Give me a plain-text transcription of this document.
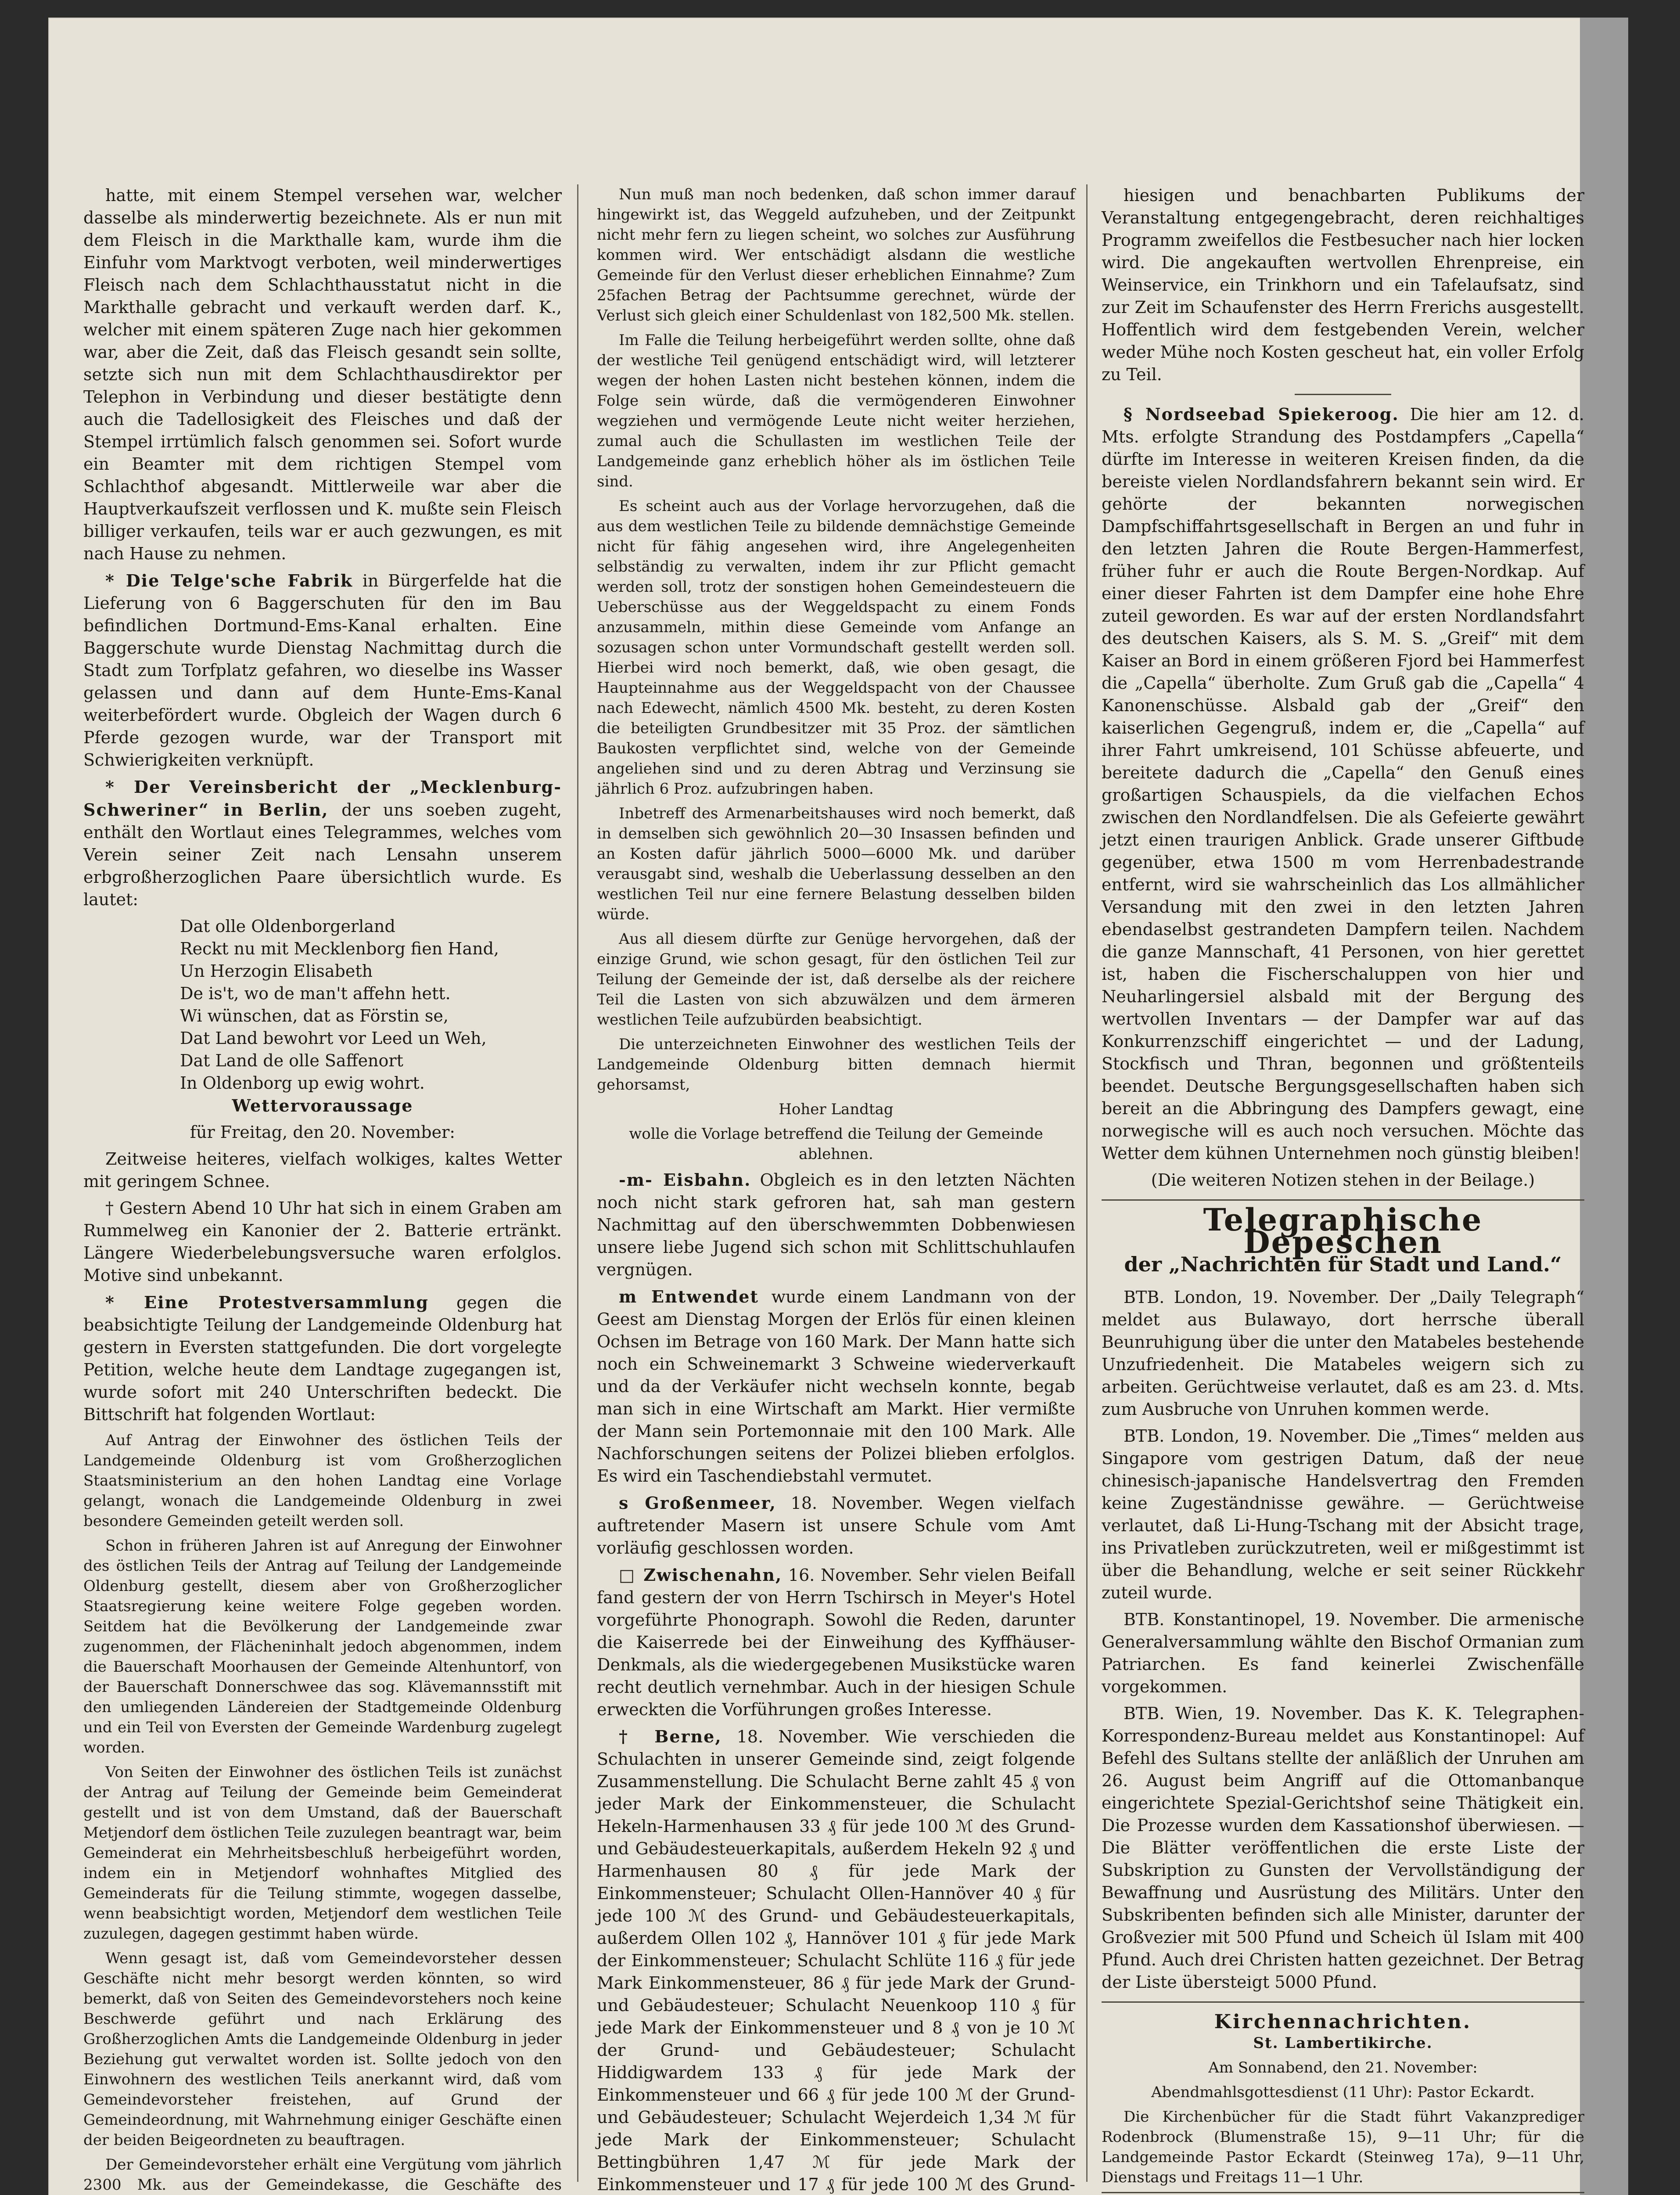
hatte, mit einem Stempel versehen war, welcher dasselbe als minderwertig bezeichnete. Als er nun mit dem Fleisch in die Markthalle kam, wurde ihm die Einfuhr vom Marktvogt verboten, weil minderwertiges Fleisch nach dem Schlachthausstatut nicht in die Markthalle gebracht und verkauft werden darf. K., welcher mit einem späteren Zuge nach hier gekommen war, aber die Zeit, daß das Fleisch gesandt sein sollte, setzte sich nun mit dem Schlachthausdirektor per Telephon in Verbindung und dieser bestätigte denn auch die Tadellosigkeit des Fleisches und daß der Stempel irrtümlich falsch genommen sei. Sofort wurde ein Beamter mit dem richtigen Stempel vom Schlachthof abgesandt. Mittlerweile war aber die Hauptverkaufszeit verflossen und K. mußte sein Fleisch billiger verkaufen, teils war er auch gezwungen, es mit nach Hause zu nehmen.

* Die Telge'sche Fabrik in Bürgerfelde hat die Lieferung von 6 Baggerschuten für den im Bau befindlichen Dortmund-Ems-Kanal erhalten. Eine Baggerschute wurde Dienstag Nachmittag durch die Stadt zum Torfplatz gefahren, wo dieselbe ins Wasser gelassen und dann auf dem Hunte-Ems-Kanal weiterbefördert wurde. Obgleich der Wagen durch 6 Pferde gezogen wurde, war der Transport mit Schwierigkeiten verknüpft.

* Der Vereinsbericht der „Mecklenburg-Schweriner“ in Berlin, der uns soeben zugeht, enthält den Wortlaut eines Telegrammes, welches vom Verein seiner Zeit nach Lensahn unserem erbgroßherzoglichen Paare übersichtlich wurde. Es lautet:

Dat olle Oldenborgerland

Reckt nu mit Mecklenborg fien Hand,

Un Herzogin Elisabeth

De is't, wo de man't affehn hett.

Wi wünschen, dat as Förstin se,

Dat Land bewohrt vor Leed un Weh,

Dat Land de olle Saffenort

In Oldenborg up ewig wohrt.

Wettervoraussage

für Freitag, den 20. November:

Zeitweise heiteres, vielfach wolkiges, kaltes Wetter mit geringem Schnee.

† Gestern Abend 10 Uhr hat sich in einem Graben am Rummelweg ein Kanonier der 2. Batterie ertränkt. Längere Wiederbelebungsversuche waren erfolglos. Motive sind unbekannt.

* Eine Protestversammlung gegen die beabsichtigte Teilung der Landgemeinde Oldenburg hat gestern in Eversten stattgefunden. Die dort vorgelegte Petition, welche heute dem Landtage zugegangen ist, wurde sofort mit 240 Unterschriften bedeckt. Die Bittschrift hat folgenden Wortlaut:

Auf Antrag der Einwohner des östlichen Teils der Landgemeinde Oldenburg ist vom Großherzoglichen Staatsministerium an den hohen Landtag eine Vorlage gelangt, wonach die Landgemeinde Oldenburg in zwei besondere Gemeinden geteilt werden soll.

Schon in früheren Jahren ist auf Anregung der Einwohner des östlichen Teils der Antrag auf Teilung der Landgemeinde Oldenburg gestellt, diesem aber von Großherzoglicher Staatsregierung keine weitere Folge gegeben worden. Seitdem hat die Bevölkerung der Landgemeinde zwar zugenommen, der Flächeninhalt jedoch abgenommen, indem die Bauerschaft Moorhausen der Gemeinde Altenhuntorf, von der Bauerschaft Donnerschwee das sog. Klävemannsstift mit den umliegenden Ländereien der Stadtgemeinde Oldenburg und ein Teil von Eversten der Gemeinde Wardenburg zugelegt worden.

Von Seiten der Einwohner des östlichen Teils ist zunächst der Antrag auf Teilung der Gemeinde beim Gemeinderat gestellt und ist von dem Umstand, daß der Bauerschaft Metjendorf dem östlichen Teile zuzulegen beantragt war, beim Gemeinderat ein Mehrheitsbeschluß herbeigeführt worden, indem ein in Metjendorf wohnhaftes Mitglied des Gemeinderats für die Teilung stimmte, wogegen dasselbe, wenn beabsichtigt worden, Metjendorf dem westlichen Teile zuzulegen, dagegen gestimmt haben würde.

Wenn gesagt ist, daß vom Gemeindevorsteher dessen Geschäfte nicht mehr besorgt werden könnten, so wird bemerkt, daß von Seiten des Gemeindevorstehers noch keine Beschwerde geführt und nach Erklärung des Großherzoglichen Amts die Landgemeinde Oldenburg in jeder Beziehung gut verwaltet worden ist. Sollte jedoch von den Einwohnern des westlichen Teils anerkannt wird, daß vom Gemeindevorsteher freistehen, auf Grund der Gemeindeordnung, mit Wahrnehmung einiger Geschäfte einen der beiden Beigeordneten zu beauftragen.

Der Gemeindevorsteher erhält eine Vergütung vom jährlich 2300 Mk. aus der Gemeindekasse, die Geschäfte des

Nun muß man noch bedenken, daß schon immer darauf hingewirkt ist, das Weggeld aufzuheben, und der Zeitpunkt nicht mehr fern zu liegen scheint, wo solches zur Ausführung kommen wird. Wer entschädigt alsdann die westliche Gemeinde für den Verlust dieser erheblichen Einnahme? Zum 25fachen Betrag der Pachtsumme gerechnet, würde der Verlust sich gleich einer Schuldenlast von 182,500 Mk. stellen.

Im Falle die Teilung herbeigeführt werden sollte, ohne daß der westliche Teil genügend entschädigt wird, will letzterer wegen der hohen Lasten nicht bestehen können, indem die Folge sein würde, daß die vermögenderen Einwohner wegziehen und vermögende Leute nicht weiter herziehen, zumal auch die Schullasten im westlichen Teile der Landgemeinde ganz erheblich höher als im östlichen Teile sind.

Es scheint auch aus der Vorlage hervorzugehen, daß die aus dem westlichen Teile zu bildende demnächstige Gemeinde nicht für fähig angesehen wird, ihre Angelegenheiten selbständig zu verwalten, indem ihr zur Pflicht gemacht werden soll, trotz der sonstigen hohen Gemeindesteuern die Ueberschüsse aus der Weggeldspacht zu einem Fonds anzusammeln, mithin diese Gemeinde vom Anfange an sozusagen schon unter Vormundschaft gestellt werden soll. Hierbei wird noch bemerkt, daß, wie oben gesagt, die Haupteinnahme aus der Weggeldspacht von der Chaussee nach Edewecht, nämlich 4500 Mk. besteht, zu deren Kosten die beteiligten Grundbesitzer mit 35 Proz. der sämtlichen Baukosten verpflichtet sind, welche von der Gemeinde angeliehen sind und zu deren Abtrag und Verzinsung sie jährlich 6 Proz. aufzubringen haben.

Inbetreff des Armenarbeitshauses wird noch bemerkt, daß in demselben sich gewöhnlich 20—30 Insassen befinden und an Kosten dafür jährlich 5000—6000 Mk. und darüber verausgabt sind, weshalb die Ueberlassung desselben an den westlichen Teil nur eine fernere Belastung desselben bilden würde.

Aus all diesem dürfte zur Genüge hervorgehen, daß der einzige Grund, wie schon gesagt, für den östlichen Teil zur Teilung der Gemeinde der ist, daß derselbe als der reichere Teil die Lasten von sich abzuwälzen und dem ärmeren westlichen Teile aufzubürden beabsichtigt.

Die unterzeichneten Einwohner des westlichen Teils der Landgemeinde Oldenburg bitten demnach hiermit gehorsamst,

Hoher Landtag

wolle die Vorlage betreffend die Teilung der Gemeinde ablehnen.

-m- Eisbahn. Obgleich es in den letzten Nächten noch nicht stark gefroren hat, sah man gestern Nachmittag auf den überschwemmten Dobbenwiesen unsere liebe Jugend sich schon mit Schlittschuhlaufen vergnügen.

m Entwendet wurde einem Landmann von der Geest am Dienstag Morgen der Erlös für einen kleinen Ochsen im Betrage von 160 Mark. Der Mann hatte sich noch ein Schweinemarkt 3 Schweine wiederverkauft und da der Verkäufer nicht wechseln konnte, begab man sich in eine Wirtschaft am Markt. Hier vermißte der Mann sein Portemonnaie mit den 100 Mark. Alle Nachforschungen seitens der Polizei blieben erfolglos. Es wird ein Taschendiebstahl vermutet.

s Großenmeer, 18. November. Wegen vielfach auftretender Masern ist unsere Schule vom Amt vorläufig geschlossen worden.

□ Zwischenahn, 16. November. Sehr vielen Beifall fand gestern der von Herrn Tschirsch in Meyer's Hotel vorgeführte Phonograph. Sowohl die Reden, darunter die Kaiserrede bei der Einweihung des Kyffhäuser-Denkmals, als die wiedergegebenen Musikstücke waren recht deutlich vernehmbar. Auch in der hiesigen Schule erweckten die Vorführungen großes Interesse.

† Berne, 18. November. Wie verschieden die Schulachten in unserer Gemeinde sind, zeigt folgende Zusammenstellung. Die Schulacht Berne zahlt 45 ₰ von jeder Mark der Einkommensteuer, die Schulacht Hekeln-Harmenhausen 33 ₰ für jede 100 ℳ des Grund- und Gebäudesteuerkapitals, außerdem Hekeln 92 ₰ und Harmenhausen 80 ₰ für jede Mark der Einkommensteuer; Schulacht Ollen-Hannöver 40 ₰ für jede 100 ℳ des Grund- und Gebäudesteuerkapitals, außerdem Ollen 102 ₰, Hannöver 101 ₰ für jede Mark der Einkommensteuer; Schulacht Schlüte 116 ₰ für jede Mark Einkommensteuer, 86 ₰ für jede Mark der Grund- und Gebäudesteuer; Schulacht Neuenkoop 110 ₰ für jede Mark der Einkommensteuer und 8 ₰ von je 10 ℳ der Grund- und Gebäudesteuer; Schulacht Hiddigwardem 133 ₰ für jede Mark der Einkommensteuer und 66 ₰ für jede 100 ℳ der Grund- und Gebäudesteuer; Schulacht Wejerdeich 1,34 ℳ für jede Mark der Einkommensteuer; Schulacht Bettingbühren 1,47 ℳ für jede Mark der Einkommensteuer und 17 ₰ für jede 100 ℳ des Grund-

hiesigen und benachbarten Publikums der Veranstaltung entgegengebracht, deren reichhaltiges Programm zweifellos die Festbesucher nach hier locken wird. Die angekauften wertvollen Ehrenpreise, ein Weinservice, ein Trinkhorn und ein Tafelaufsatz, sind zur Zeit im Schaufenster des Herrn Frerichs ausgestellt. Hoffentlich wird dem festgebenden Verein, welcher weder Mühe noch Kosten gescheut hat, ein voller Erfolg zu Teil.

§ Nordseebad Spiekeroog. Die hier am 12. d. Mts. erfolgte Strandung des Postdampfers „Capella“ dürfte im Interesse in weiteren Kreisen finden, da die bereiste vielen Nordlandsfahrern bekannt sein wird. Er gehörte der bekannten norwegischen Dampfschiffahrtsgesellschaft in Bergen an und fuhr in den letzten Jahren die Route Bergen-Hammerfest, früher fuhr er auch die Route Bergen-Nordkap. Auf einer dieser Fahrten ist dem Dampfer eine hohe Ehre zuteil geworden. Es war auf der ersten Nordlandsfahrt des deutschen Kaisers, als S. M. S. „Greif“ mit dem Kaiser an Bord in einem größeren Fjord bei Hammerfest die „Capella“ überholte. Zum Gruß gab die „Capella“ 4 Kanonenschüsse. Alsbald gab der „Greif“ den kaiserlichen Gegengruß, indem er, die „Capella“ auf ihrer Fahrt umkreisend, 101 Schüsse abfeuerte, und bereitete dadurch die „Capella“ den Genuß eines großartigen Schauspiels, da die vielfachen Echos zwischen den Nordlandfelsen. Die als Gefeierte gewährt jetzt einen traurigen Anblick. Grade unserer Giftbude gegenüber, etwa 1500 m vom Herrenbadestrande entfernt, wird sie wahrscheinlich das Los allmählicher Versandung mit den zwei in den letzten Jahren ebendaselbst gestrandeten Dampfern teilen. Nachdem die ganze Mannschaft, 41 Personen, von hier gerettet ist, haben die Fischerschaluppen von hier und Neuharlingersiel alsbald mit der Bergung des wertvollen Inventars — der Dampfer war auf das Konkurrenzschiff eingerichtet — und der Ladung, Stockfisch und Thran, begonnen und größtenteils beendet. Deutsche Bergungsgesellschaften haben sich bereit an die Abbringung des Dampfers gewagt, eine norwegische will es auch noch versuchen. Möchte das Wetter dem kühnen Unternehmen noch günstig bleiben!

(Die weiteren Notizen stehen in der Beilage.)

Telegraphische Depeschen
der „Nachrichten für Stadt und Land.“

BTB. London, 19. November. Der „Daily Telegraph“ meldet aus Bulawayo, dort herrsche überall Beunruhigung über die unter den Matabeles bestehende Unzufriedenheit. Die Matabeles weigern sich zu arbeiten. Gerüchtweise verlautet, daß es am 23. d. Mts. zum Ausbruche von Unruhen kommen werde.

BTB. London, 19. November. Die „Times“ melden aus Singapore vom gestrigen Datum, daß der neue chinesisch-japanische Handelsvertrag den Fremden keine Zugeständnisse gewähre. — Gerüchtweise verlautet, daß Li-Hung-Tschang mit der Absicht trage, ins Privatleben zurückzutreten, weil er mißgestimmt ist über die Behandlung, welche er seit seiner Rückkehr zuteil wurde.

BTB. Konstantinopel, 19. November. Die armenische Generalversammlung wählte den Bischof Ormanian zum Patriarchen. Es fand keinerlei Zwischenfälle vorgekommen.

BTB. Wien, 19. November. Das K. K. Telegraphen-Korrespondenz-Bureau meldet aus Konstantinopel: Auf Befehl des Sultans stellte der anläßlich der Unruhen am 26. August beim Angriff auf die Ottomanbanque eingerichtete Spezial-Gerichtshof seine Thätigkeit ein. Die Prozesse wurden dem Kassationshof überwiesen. — Die Blätter veröffentlichen die erste Liste der Subskription zu Gunsten der Vervollständigung der Bewaffnung und Ausrüstung des Militärs. Unter den Subskribenten befinden sich alle Minister, darunter der Großvezier mit 500 Pfund und Scheich ül Islam mit 400 Pfund. Auch drei Christen hatten gezeichnet. Der Betrag der Liste übersteigt 5000 Pfund.

Kirchennachrichten.

St. Lambertikirche.

Am Sonnabend, den 21. November:

Abendmahlsgottesdienst (11 Uhr): Pastor Eckardt.

Die Kirchenbücher für die Stadt führt Vakanzprediger Rodenbrock (Blumenstraße 15), 9—11 Uhr; für die Landgemeinde Pastor Eckardt (Steinweg 17a), 9—11 Uhr, Dienstags und Freitags 11—1 Uhr.
